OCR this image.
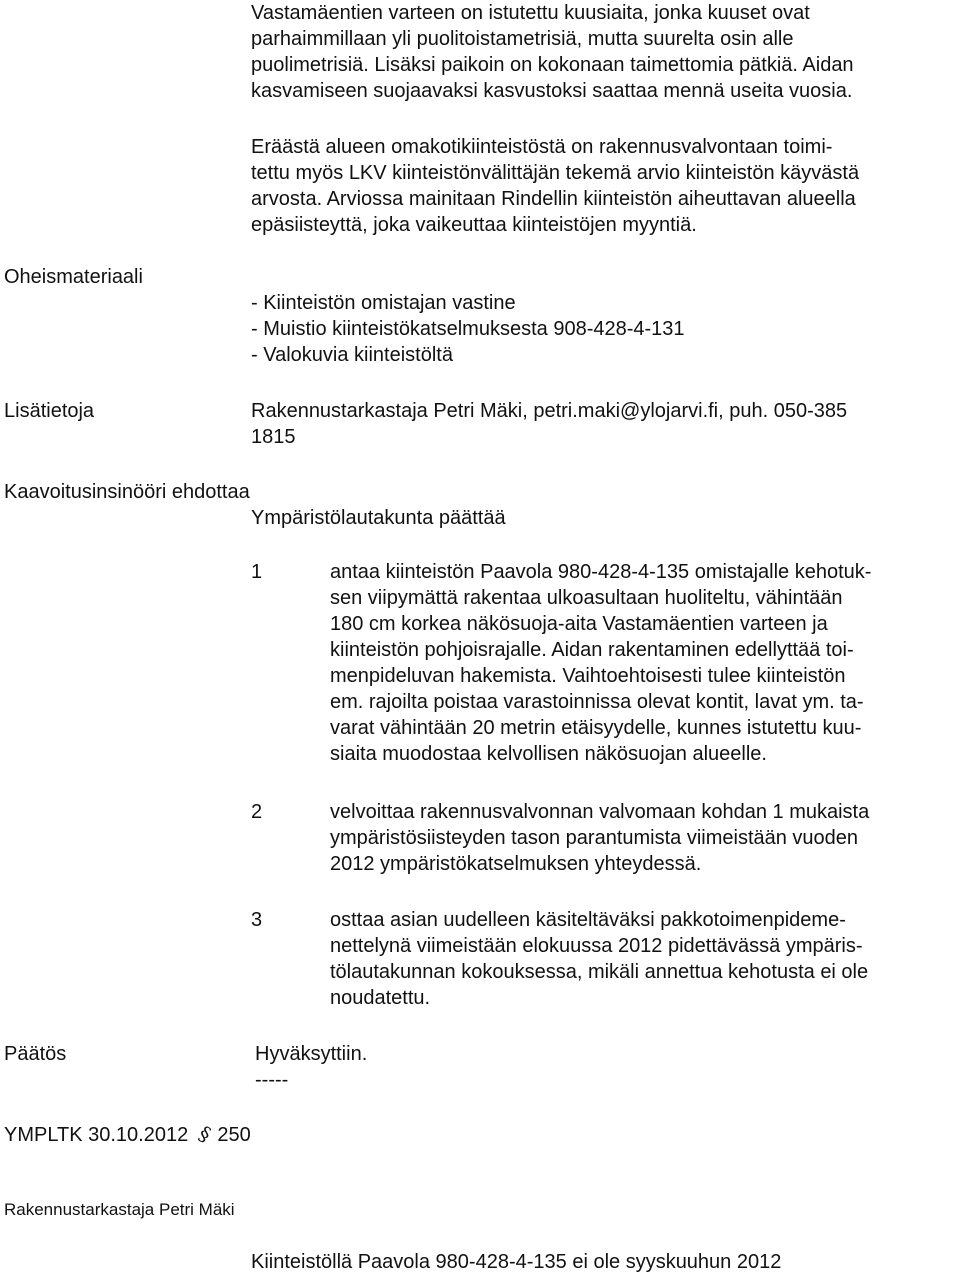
Vastamäentien varteen on istutettu kuusiaita, jonka kuuset ovat
parhaimmillaan yli puolitoistametrisiä, mutta suurelta osin alle
puolimetrisiä. Lisäksi paikoin on kokonaan taimettomia pätkiä. Aidan
kasvamiseen suojaavaksi kasvustoksi saattaa mennä useita vuosia.
Eräästä alueen omakotikiinteistöstä on rakennusvalvontaan toimi-
tettu myös LKV kiinteistönvälittäjän tekemä arvio kiinteistön käyvästä
arvosta. Arviossa mainitaan Rindellin kiinteistön aiheuttavan alueella
epäsiisteyttä, joka vaikeuttaa kiinteistöjen myyntiä.
Oheismateriaali
- Kiinteistön omistajan vastine
- Muistio kiinteistökatselmuksesta 908-428-4-131
- Valokuvia kiinteistöltä
Lisätietoja	Rakennustarkastaja Petri Mäki, petri.maki@ylojarvi.fi, puh. 050-385
1815
Kaavoitusinsinööri ehdottaa
Ympäristölautakunta päättää
1	antaa kiinteistön Paavola 980-428-4-135 omistajalle kehotuk-
sen viipymättä rakentaa ulkoasultaan huoliteltu, vähintään
180 cm korkea näkösuoja-aita Vastamäentien varteen ja
kiinteistön pohjoisrajalle. Aidan rakentaminen edellyttää toi-
menpideluvan hakemista. Vaihtoehtoisesti tulee kiinteistön
em. rajoilta poistaa varastoinnissa olevat kontit, lavat ym. ta-
varat vähintään 20 metrin etäisyydelle, kunnes istutettu kuu-
siaita muodostaa kelvollisen näkösuojan alueelle.
2	velvoittaa rakennusvalvonnan valvomaan kohdan 1 mukaista
ympäristösiisteyden tason parantumista viimeistään vuoden
2012 ympäristökatselmuksen yhteydessä.
3	osttaa asian uudelleen käsiteltäväksi pakkotoimenpideme-
nettelynä viimeistään elokuussa 2012 pidettävässä ympäris-
tölautakunnan kokouksessa, mikäli annettua kehotusta ei ole
noudatettu.
Päätös	Hyväksyttiin.
-----
YMPLTK 30.10.2012 § 250
Rakennustarkastaja Petri Mäki
Kiinteistöllä Paavola 980-428-4-135 ei ole syyskuuhun 2012
